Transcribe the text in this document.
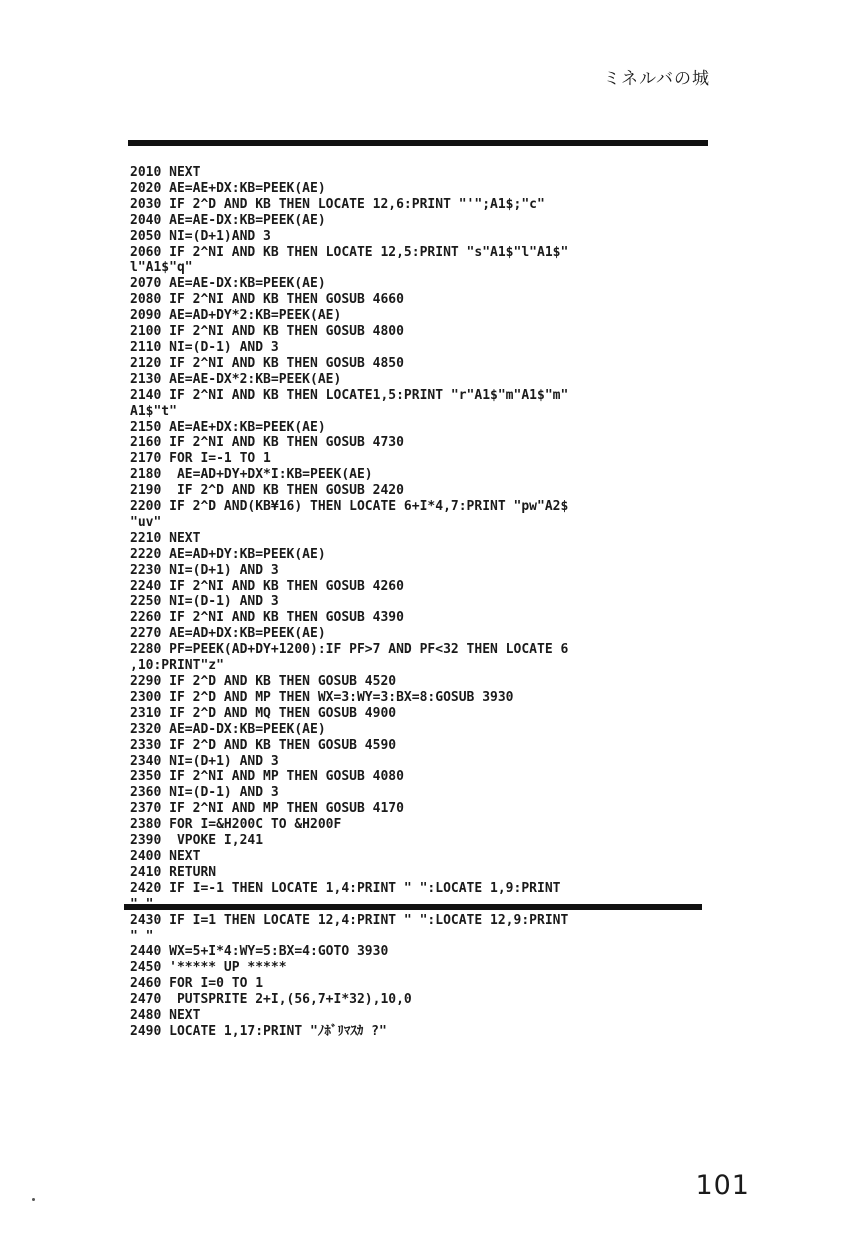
ミネルバの城
2010 NEXT
2020 AE=AE+DX:KB=PEEK(AE)
2030 IF 2^D AND KB THEN LOCATE 12,6:PRINT "'";A1$;"c"
2040 AE=AE-DX:KB=PEEK(AE)
2050 NI=(D+1)AND 3
2060 IF 2^NI AND KB THEN LOCATE 12,5:PRINT "s"A1$"l"A1$"
l"A1$"q"
2070 AE=AE-DX:KB=PEEK(AE)
2080 IF 2^NI AND KB THEN GOSUB 4660
2090 AE=AD+DY*2:KB=PEEK(AE)
2100 IF 2^NI AND KB THEN GOSUB 4800
2110 NI=(D-1) AND 3
2120 IF 2^NI AND KB THEN GOSUB 4850
2130 AE=AE-DX*2:KB=PEEK(AE)
2140 IF 2^NI AND KB THEN LOCATE1,5:PRINT "r"A1$"m"A1$"m"
A1$"t"
2150 AE=AE+DX:KB=PEEK(AE)
2160 IF 2^NI AND KB THEN GOSUB 4730
2170 FOR I=-1 TO 1
2180  AE=AD+DY+DX*I:KB=PEEK(AE)
2190  IF 2^D AND KB THEN GOSUB 2420
2200 IF 2^D AND(KB¥16) THEN LOCATE 6+I*4,7:PRINT "pw"A2$
"uv"
2210 NEXT
2220 AE=AD+DY:KB=PEEK(AE)
2230 NI=(D+1) AND 3
2240 IF 2^NI AND KB THEN GOSUB 4260
2250 NI=(D-1) AND 3
2260 IF 2^NI AND KB THEN GOSUB 4390
2270 AE=AD+DX:KB=PEEK(AE)
2280 PF=PEEK(AD+DY+1200):IF PF>7 AND PF<32 THEN LOCATE 6
,10:PRINT"z"
2290 IF 2^D AND KB THEN GOSUB 4520
2300 IF 2^D AND MP THEN WX=3:WY=3:BX=8:GOSUB 3930
2310 IF 2^D AND MQ THEN GOSUB 4900
2320 AE=AD-DX:KB=PEEK(AE)
2330 IF 2^D AND KB THEN GOSUB 4590
2340 NI=(D+1) AND 3
2350 IF 2^NI AND MP THEN GOSUB 4080
2360 NI=(D-1) AND 3
2370 IF 2^NI AND MP THEN GOSUB 4170
2380 FOR I=&H200C TO &H200F
2390  VPOKE I,241
2400 NEXT
2410 RETURN
2420 IF I=-1 THEN LOCATE 1,4:PRINT " ":LOCATE 1,9:PRINT
2430 IF I=1 THEN LOCATE 12,4:PRINT " ":LOCATE 12,9:PRINT
" "
2440 WX=5+I*4:WY=5:BX=4:GOTO 3930
2450 '***** UP *****
2460 FOR I=0 TO 1
2470  PUTSPRITE 2+I,(56,7+I*32),10,0
2480 NEXT
2490 LOCATE 1,17:PRINT "ﾉﾎﾞﾘﾏｽｶ ?"
101
